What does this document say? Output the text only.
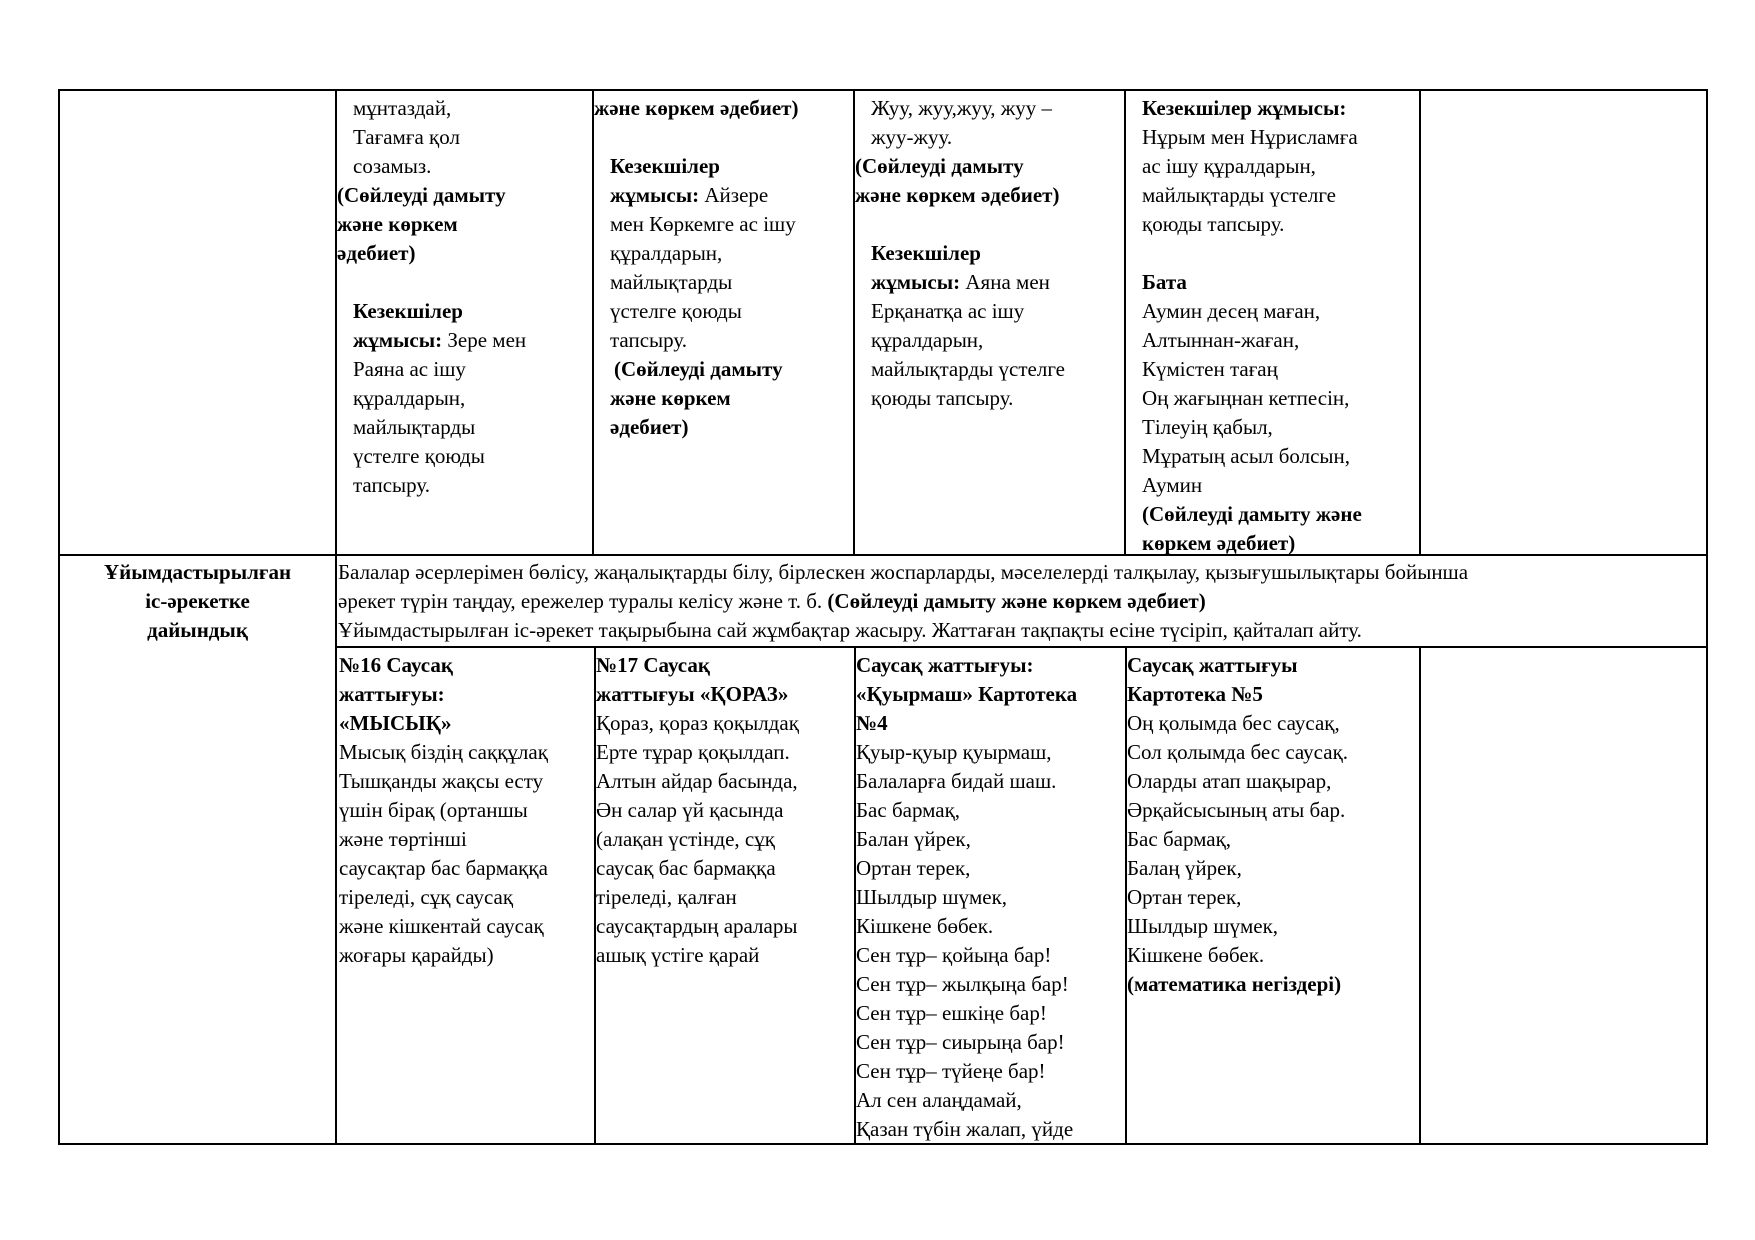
мұнтаздай,
Тағамға қол
созамыз.
(Сөйлеуді дамыту
және көркем
әдебиет)
Кезекшілер
жұмысы: Зере мен
Раяна ас ішу
құралдарын,
майлықтарды
үстелге қоюды
тапсыру.
және көркем әдебиет)
Кезекшілер
жұмысы: Айзере
мен Көркемге ас ішу
құралдарын,
майлықтарды
үстелге қоюды
тапсыру.
(Сөйлеуді дамыту
және көркем
әдебиет)
Жуу, жуу,жуу, жуу –
жуу-жуу.
(Сөйлеуді дамыту
және көркем әдебиет)
Кезекшілер
жұмысы: Аяна мен
Ерқанатқа ас ішу
құралдарын,
майлықтарды үстелге
қоюды тапсыру.
Кезекшілер жұмысы:
Нұрым мен Нұрисламға
ас ішу құралдарын,
майлықтарды үстелге
қоюды тапсыру.
Бата
Аумин десең маған,
Алтыннан-жаған,
Күмістен тағаң
Оң жағыңнан кетпесін,
Тілеуің қабыл,
Мұратың асыл болсын,
Аумин
(Сөйлеуді дамыту және
көркем әдебиет)
Ұйымдастырылған
іс-әрекетке
дайындық
Балалар әсерлерімен бөлісу, жаңалықтарды білу, бірлескен жоспарларды, мәселелерді талқылау, қызығушылықтары бойынша
әрекет түрін таңдау, ережелер туралы келісу және т. б. (Сөйлеуді дамыту және көркем әдебиет)
Ұйымдастырылған іс-әрекет тақырыбына сай жұмбақтар жасыру. Жаттаған тақпақты есіне түсіріп, қайталап айту.
№16 Саусақ
жаттығуы:
«МЫСЫҚ»
Мысық біздің саққұлақ
Тышқанды жақсы есту
үшін бірақ (ортаншы
және төртінші
саусақтар бас бармаққа
тіреледі, сұқ саусақ
және кішкентай саусақ
жоғары қарайды)
№17 Саусақ
жаттығуы «ҚОРАЗ»
Қораз, қораз қоқылдақ
Ерте тұрар қоқылдап.
Алтын айдар басында,
Ән салар үй қасында
(алақан үстінде, сұқ
саусақ бас бармаққа
тіреледі, қалған
саусақтардың аралары
ашық үстіге қарай
Саусақ жаттығуы:
«Қуырмаш» Картотека
№4
Қуыр-қуыр қуырмаш,
Балаларға бидай шаш.
Бас бармақ,
Балан үйрек,
Ортан терек,
Шылдыр шүмек,
Кішкене бөбек.
Сен тұр– қойыңа бар!
Сен тұр– жылқыңа бар!
Сен тұр– ешкіңе бар!
Сен тұр– сиырыңа бар!
Сен тұр– түйеңе бар!
Ал сен алаңдамай,
Қазан түбін жалап, үйде
Саусақ жаттығуы
Картотека №5
Оң қолымда бес саусақ,
Сол қолымда бес саусақ.
Оларды атап шақырар,
Әрқайсысының аты бар.
Бас бармақ,
Балаң үйрек,
Ортан терек,
Шылдыр шүмек,
Кішкене бөбек.
(математика негіздері)
